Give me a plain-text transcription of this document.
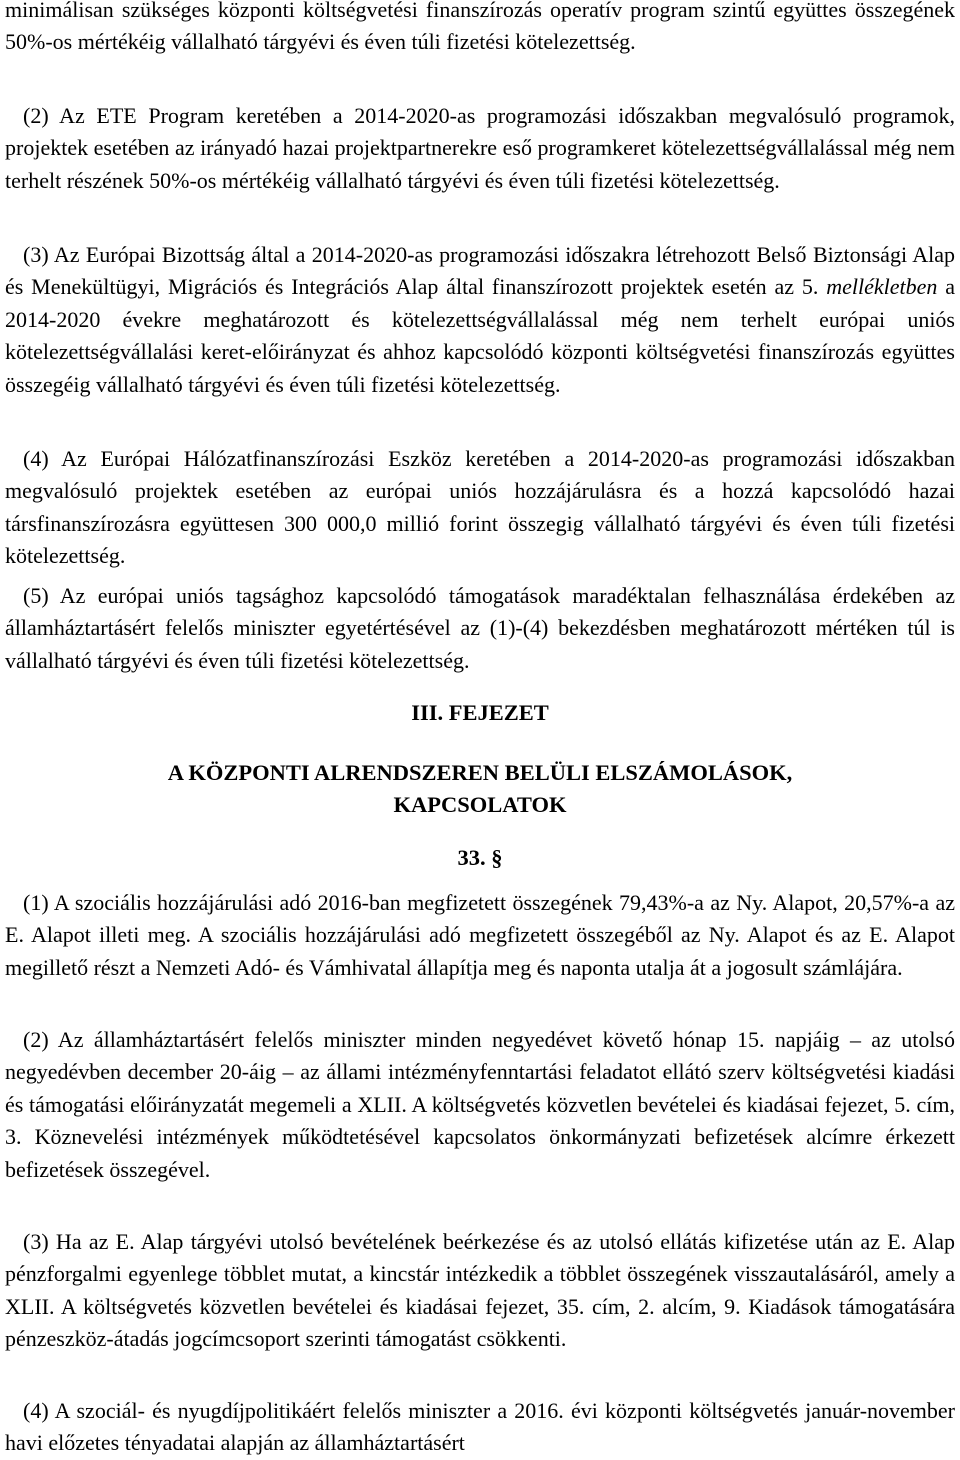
minimálisan szükséges központi költségvetési finanszírozás operatív program szintű együttes összegének 50%-os mértékéig vállalható tárgyévi és éven túli fizetési kötelezettség.

(2) Az ETE Program keretében a 2014-2020-as programozási időszakban megvalósuló programok, projektek esetében az irányadó hazai projektpartnerekre eső programkeret kötelezettségvállalással még nem terhelt részének 50%-os mértékéig vállalható tárgyévi és éven túli fizetési kötelezettség.

(3) Az Európai Bizottság által a 2014-2020-as programozási időszakra létrehozott Belső Biztonsági Alap és Menekültügyi, Migrációs és Integrációs Alap által finanszírozott projektek esetén az 5. mellékletben a 2014-2020 évekre meghatározott és kötelezettségvállalással még nem terhelt európai uniós kötelezettségvállalási keret-előirányzat és ahhoz kapcsolódó központi költségvetési finanszírozás együttes összegéig vállalható tárgyévi és éven túli fizetési kötelezettség.

(4) Az Európai Hálózatfinanszírozási Eszköz keretében a 2014-2020-as programozási időszakban megvalósuló projektek esetében az európai uniós hozzájárulásra és a hozzá kapcsolódó hazai társfinanszírozásra együttesen 300 000,0 millió forint összegig vállalható tárgyévi és éven túli fizetési kötelezettség.

(5) Az európai uniós tagsághoz kapcsolódó támogatások maradéktalan felhasználása érdekében az államháztartásért felelős miniszter egyetértésével az (1)-(4) bekezdésben meghatározott mértéken túl is vállalható tárgyévi és éven túli fizetési kötelezettség.

III. FEJEZET

A KÖZPONTI ALRENDSZEREN BELÜLI ELSZÁMOLÁSOK,

KAPCSOLATOK

33. §

(1) A szociális hozzájárulási adó 2016-ban megfizetett összegének 79,43%-a az Ny. Alapot, 20,57%-a az E. Alapot illeti meg. A szociális hozzájárulási adó megfizetett összegéből az Ny. Alapot és az E. Alapot megillető részt a Nemzeti Adó- és Vámhivatal állapítja meg és naponta utalja át a jogosult számlájára.

(2) Az államháztartásért felelős miniszter minden negyedévet követő hónap 15. napjáig – az utolsó negyedévben december 20-áig – az állami intézményfenntartási feladatot ellátó szerv költségvetési kiadási és támogatási előirányzatát megemeli a XLII. A költségvetés közvetlen bevételei és kiadásai fejezet, 5. cím, 3. Köznevelési intézmények működtetésével kapcsolatos önkormányzati befizetések alcímre érkezett befizetések összegével.

(3) Ha az E. Alap tárgyévi utolsó bevételének beérkezése és az utolsó ellátás kifizetése után az E. Alap pénzforgalmi egyenlege többlet mutat, a kincstár intézkedik a többlet összegének visszautalásáról, amely a XLII. A költségvetés közvetlen bevételei és kiadásai fejezet, 35. cím, 2. alcím, 9. Kiadások támogatására pénzeszköz-átadás jogcímcsoport szerinti támogatást csökkenti.

(4) A szociál- és nyugdíjpolitikáért felelős miniszter a 2016. évi központi költségvetés január-november havi előzetes tényadatai alapján az államháztartásért
